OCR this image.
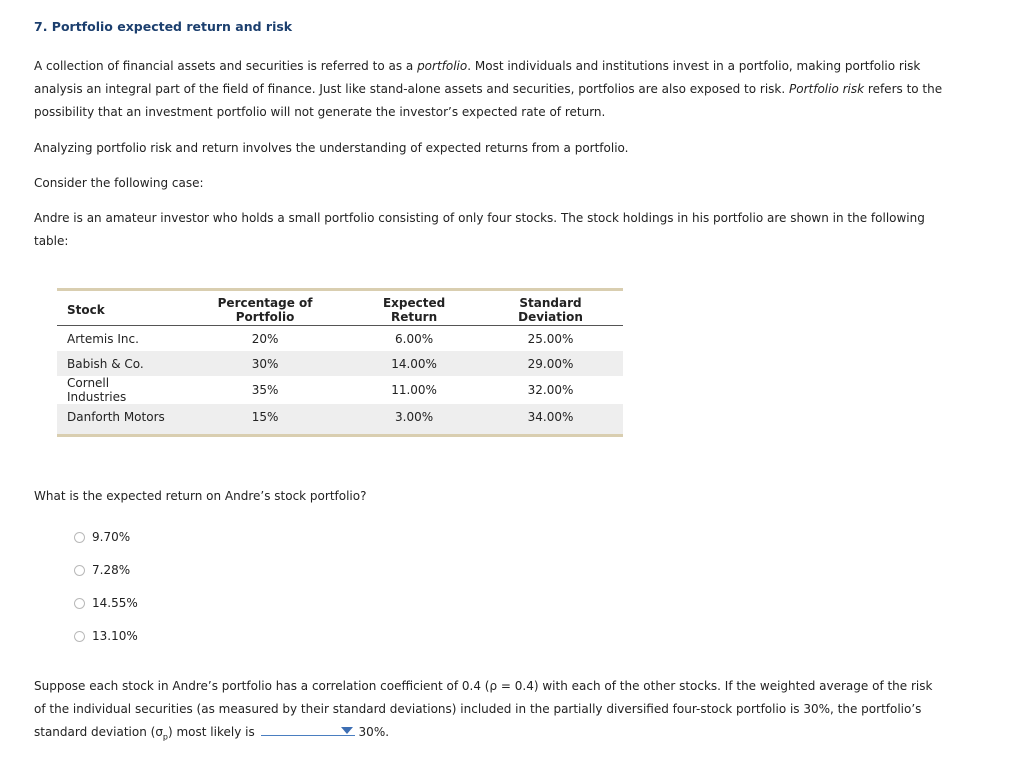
7. Portfolio expected return and risk
A collection of financial assets and securities is referred to as a portfolio. Most individuals and institutions invest in a portfolio, making portfolio risk analysis an integral part of the field of finance. Just like stand-alone assets and securities, portfolios are also exposed to risk. Portfolio risk refers to the possibility that an investment portfolio will not generate the investor’s expected rate of return.
Analyzing portfolio risk and return involves the understanding of expected returns from a portfolio.
Consider the following case:
Andre is an amateur investor who holds a small portfolio consisting of only four stocks. The stock holdings in his portfolio are shown in the following table:
Stock	Percentage of Portfolio	Expected Return	Standard Deviation
Artemis Inc.	20%	6.00%	25.00%
Babish & Co.	30%	14.00%	29.00%
Cornell Industries	35%	11.00%	32.00%
Danforth Motors	15%	3.00%	34.00%
What is the expected return on Andre’s stock portfolio?
9.70%
7.28%
14.55%
13.10%
Suppose each stock in Andre’s portfolio has a correlation coefficient of 0.4 (ρ = 0.4) with each of the other stocks. If the weighted average of the risk of the individual securities (as measured by their standard deviations) included in the partially diversified four-stock portfolio is 30%, the portfolio’s standard deviation $(\sigma_p)$ most likely is	30%.
